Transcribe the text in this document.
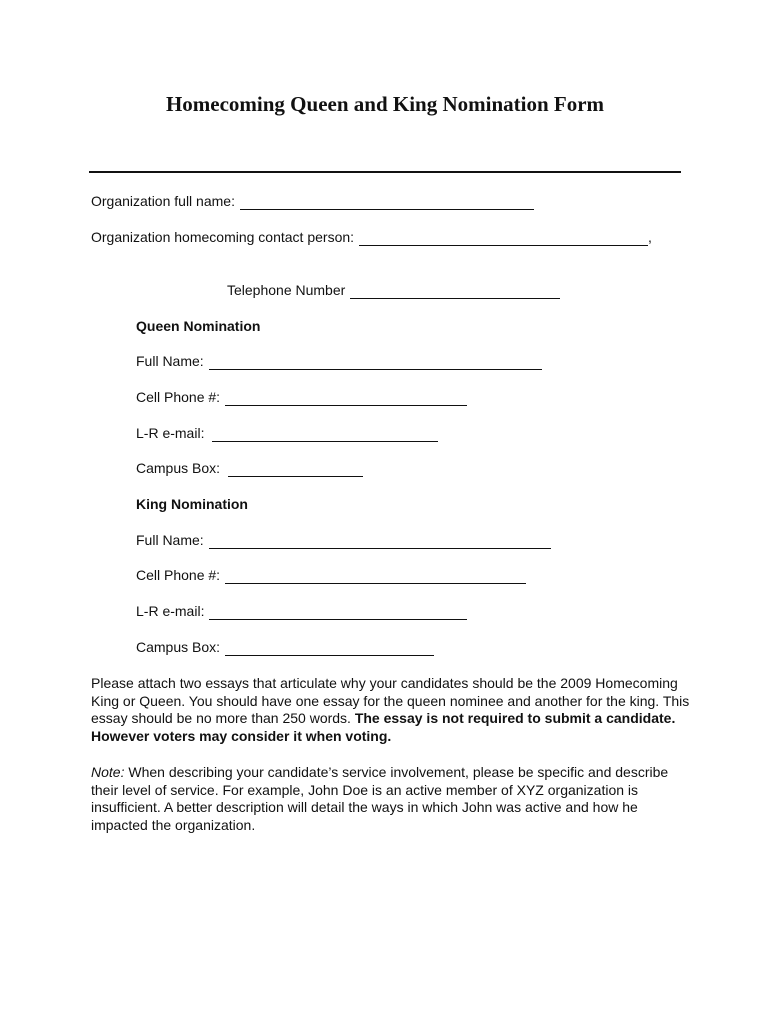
Homecoming Queen and King Nomination Form
Organization full name:
Organization homecoming contact person:	,
Telephone Number
Queen Nomination
Full Name:
Cell Phone #:
L-R e-mail:
Campus Box:
King Nomination
Full Name:
Cell Phone #:
L-R e-mail:
Campus Box:
Please attach two essays that articulate why your candidates should be the 2009 Homecoming King or Queen. You should have one essay for the queen nominee and another for the king. This essay should be no more than 250 words. The essay is not required to submit a candidate. However voters may consider it when voting.
Note: When describing your candidate’s service involvement, please be specific and describe their level of service. For example, John Doe is an active member of XYZ organization is insufficient. A better description will detail the ways in which John was active and how he impacted the organization.
